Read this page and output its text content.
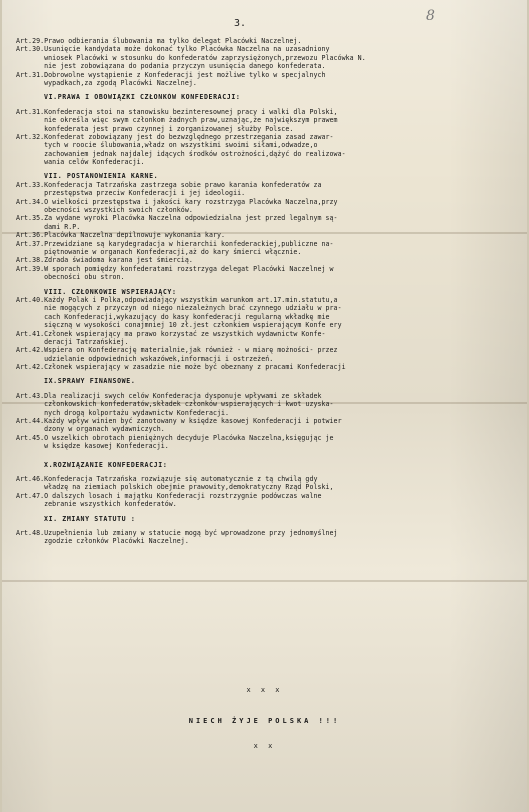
3.	8
Art.29.Prawo odbierania ślubowania ma tylko delegat Placówki Naczelnej.
Art.30.Usunięcie kandydata może dokonać tylko Placówka Naczelna na uzasadniony
wniosek Placówki w stosunku do konfederatów zaprzysiężonych,przewozu Placówka N.
nie jest zobowiązana do podania przyczyn usunięcia danego konfederata.
Art.31.Dobrowolne wystąpienie z Konfederacji jest możliwe tylko w specjalnych
wypadkach,za zgodą Placówki Naczelnej.
VI.PRAWA I OBOWIĄZKI CZŁONKÓW KONFEDERACJI:
Art.31.Konfederacja stoi na stanowisku bezinteresownej pracy i walki dla Polski,
nie określa więc swym członkom żadnych praw,uznając,że największym prawem
konfederata jest prawo czynnej i zorganizowanej służby Polsce.
Art.32.Konfederat zobowiązany jest do bezwzględnego przestrzegania zasad zawar-
tych w roocie ślubowania,władz on wszystkimi swoimi siłami,odwadze,o
zachowaniem jednak najdalej idących środków ostrożności,dążyć do realizowa-
wania celów Konfederacji.
VII. POSTANOWIENIA KARNE.
Art.33.Konfederacja Tatrzańska zastrzega sobie prawo karania konfederatów za
przestępstwa przeciw Konfederacji i jej ideologii.
Art.34.O wielkości przestępstwa i jakości kary rozstrzyga Placówka Naczelna,przy
obecności wszystkich swoich członków.
Art.35.Za wydane wyroki Placówka Naczelna odpowiedzialna jest przed legalnym są-
dami R.P.
Art.36.Placówka Naczelna depilnowuje wykonania kary.
Art.37.Przewidziane są karydegradacja w hierarchii konfederackiej,publiczne na-
piętnowanie w organach Konfederacji,aż do kary śmierci włącznie.
Art.38.Zdrada świadoma karana jest śmiercią.
Art.39.W sporach pomiędzy konfederatami rozstrzyga delegat Placówki Naczelnej w
obecności obu stron.
VIII. CZŁONKOWIE WSPIERAJĄCY:
Art.40.Każdy Polak i Polka,odpowiadający wszystkim warunkom art.17.min.statutu,a
nie mogących z przyczyn od niego niezależnych brać czynnego udziału w pra-
cach Konfederacji,wykazujący do kasy konfederacji regularną wkładkę mie
sięczną w wysokości conajmniej 10 zł.jest członkiem wspierającym Konfe ery
Art.41.Członek wspierający ma prawo korzystać ze wszystkich wydawnictw Konfe-
deracji Tatrzańskiej.
Art.42.Wspiera on Konfederację materialnie,jak również - w miarę możności- przez
udzielanie odpowiednich wskazówek,informacji i ostrzeżeń.
Art.42.Członek wspierający w zasadzie nie może być obeznany z pracami Konfederacji
IX.SPRAWY FINANSOWE.
Art.43.Dla realizacji swych celów Konfederacja dysponuje wpływami ze składek
członkowskich konfederatów,składek członków wspierających i kwot uzyska-
nych drogą kolportażu wydawnictw Konfederacji.
Art.44.Każdy wpływ winien być zanotowany w księdze kasowej Konfederacji i potwier
dzony w organach wydawniczych.
Art.45.O wszelkich obrotach pieniężnych decyduje Placówka Naczelna,księgując je
w księdze kasowej Konfederacji.
X.ROZWIĄZANIE KONFEDERACJI:
Art.46.Konfederacja Tatrzańska rozwiązuje się automatycznie z tą chwilą gdy
władzę na ziemiach polskich obejmie prawowity,demokratyczny Rząd Polski,
Art.47.O dalszych losach i majątku Konfederacji rozstrzygnie podówczas walne
zebranie wszystkich konfederatów.
XI. ZMIANY STATUTU :
Art.48.Uzupełnienia lub zmiany w statucie mogą być wprowadzone przy jednomyślnej
zgodzie członków Placówki Naczelnej.
x x x
NIECH ŻYJE POLSKA !!!
x x
